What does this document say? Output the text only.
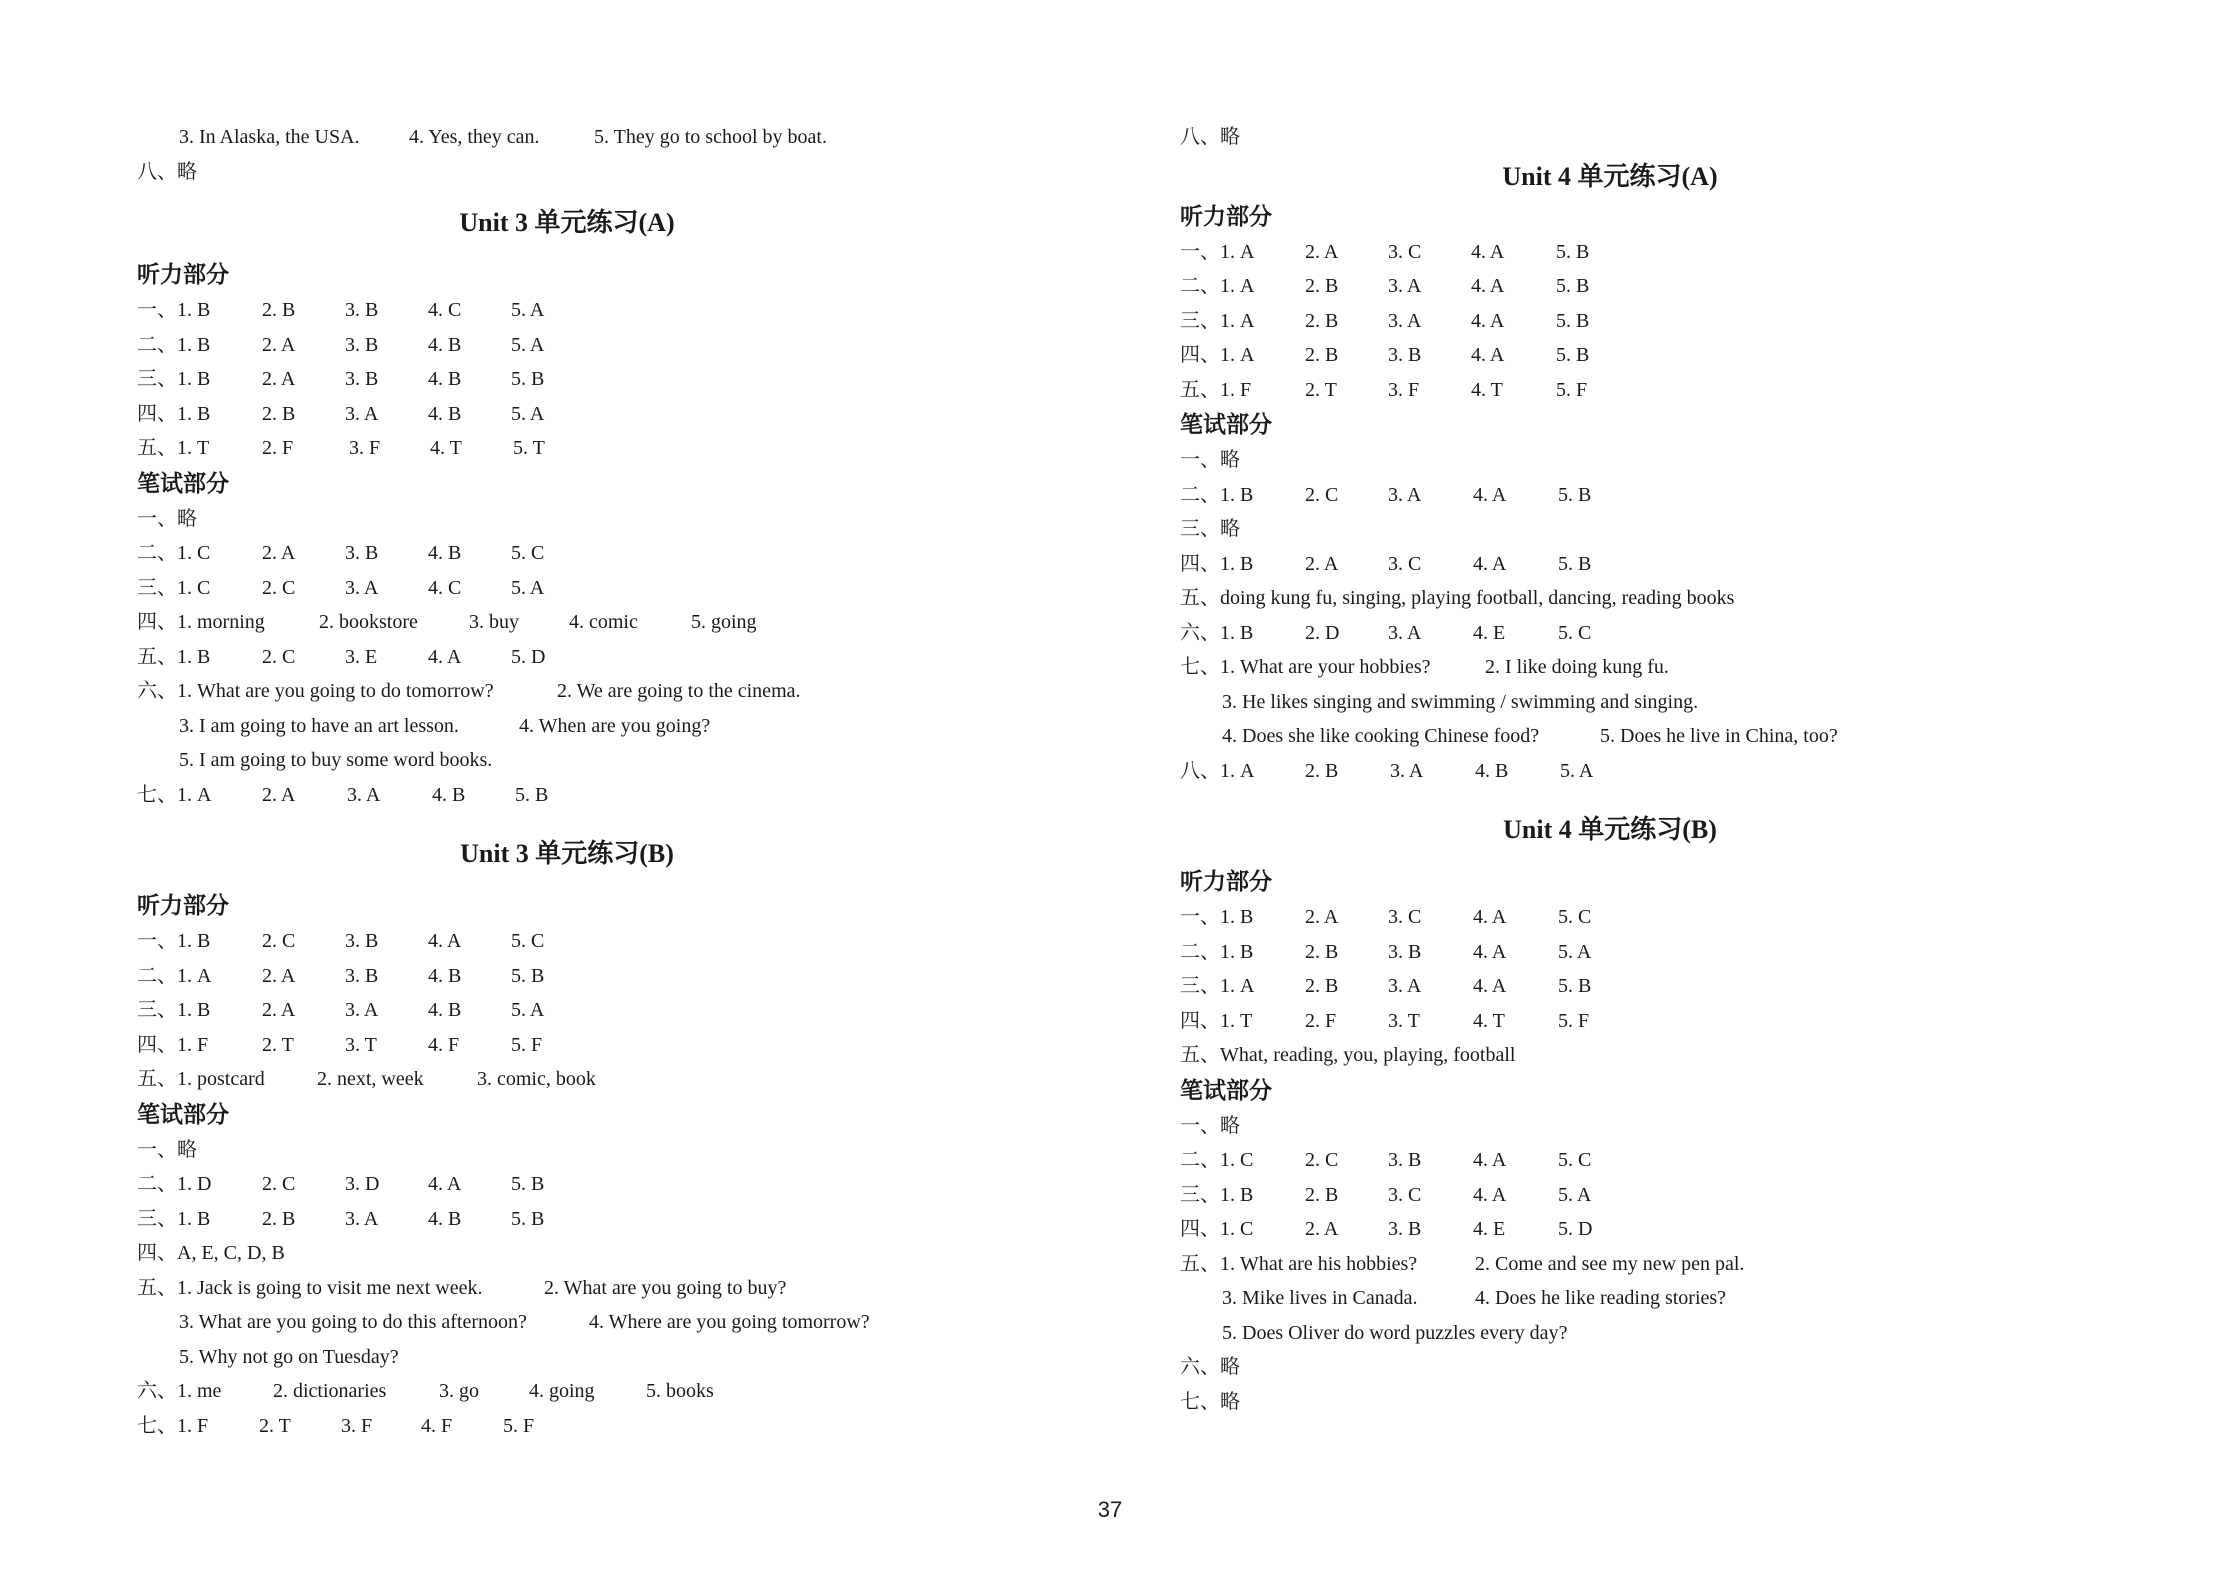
3. In Alaska, the USA. 4. Yes, they can.	5. They go to school by boat.
八、略
Unit 3 单元练习(A)
听力部分
一、1. B	2. B 3. B 4. C 5. A
二、1. B	2. A 3. B 4. B 5. A
三、1. B	2. A 3. B 4. B 5. B
四、1. B	2. B 3. A 4. B 5. A
五、1. T	2. F	3. F 4. T	5. T
笔试部分
一、略
二、1. C	2. A 3. B 4. B 5. C
三、1. C	2. C 3. A 4. C 5. A
四、1. morning	2. bookstore	3. buy	4. comic	5. going
五、1. B	2. C 3. E	4. A 5. D
六、1. What are you going to do tomorrow?	2. We are going to the cinema.
3. I am going to have an art lesson.	4. When are you going?
5. I am going to buy some word books.
七、1. A	2. A	3. A	4. B 5. B
Unit 3 单元练习(B)
听力部分
一、1. B	2. C 3. B 4. A 5. C
二、1. A	2. A 3. B 4. B 5. B
三、1. B	2. A 3. A 4. B 5. A
四、1. F	2. T	3. T	4. F	5. F
五、1. postcard	2. next, week	3. comic, book
笔试部分
一、略
二、1. D	2. C 3. D 4. A 5. B
三、1. B	2. B 3. A 4. B 5. B
四、A, E, C, D, B
五、1. Jack is going to visit me next week.	2. What are you going to buy?
3. What are you going to do this afternoon?	4. Where are you going tomorrow?
5. Why not go on Tuesday?
六、1. me	2. dictionaries	3. go	4. going	5. books
七、1. F	2. T	3. F 4. F	5. F
八、略
Unit 4 单元练习(A)
听力部分
一、1. A	2. A 3. C 4. A	5. B
二、1. A	2. B 3. A 4. A	5. B
三、1. A	2. B 3. A 4. A	5. B
四、1. A	2. B 3. B 4. A	5. B
五、1. F	2. T	3. F	4. T	5. F
笔试部分
一、略
二、1. B	2. C 3. A	4. A	5. B
三、略
四、1. B	2. A 3. C	4. A	5. B
五、doing kung fu, singing, playing football, dancing, reading books
六、1. B	2. D 3. A	4. E	5. C
七、1. What are your hobbies?	2. I like doing kung fu.
3. He likes singing and swimming / swimming and singing.
4. Does she like cooking Chinese food?	5. Does he live in China, too?
八、1. A	2. B	3. A	4. B	5. A
Unit 4 单元练习(B)
听力部分
一、1. B	2. A 3. C	4. A	5. C
二、1. B	2. B 3. B	4. A	5. A
三、1. A	2. B 3. A	4. A	5. B
四、1. T	2. F	3. T	4. T	5. F
五、What, reading, you, playing, football
笔试部分
一、略
二、1. C	2. C 3. B	4. A	5. C
三、1. B	2. B 3. C	4. A	5. A
四、1. C	2. A 3. B	4. E	5. D
五、1. What are his hobbies?	2. Come and see my new pen pal.
3. Mike lives in Canada.	4. Does he like reading stories?
5. Does Oliver do word puzzles every day?
六、略
七、略
37
